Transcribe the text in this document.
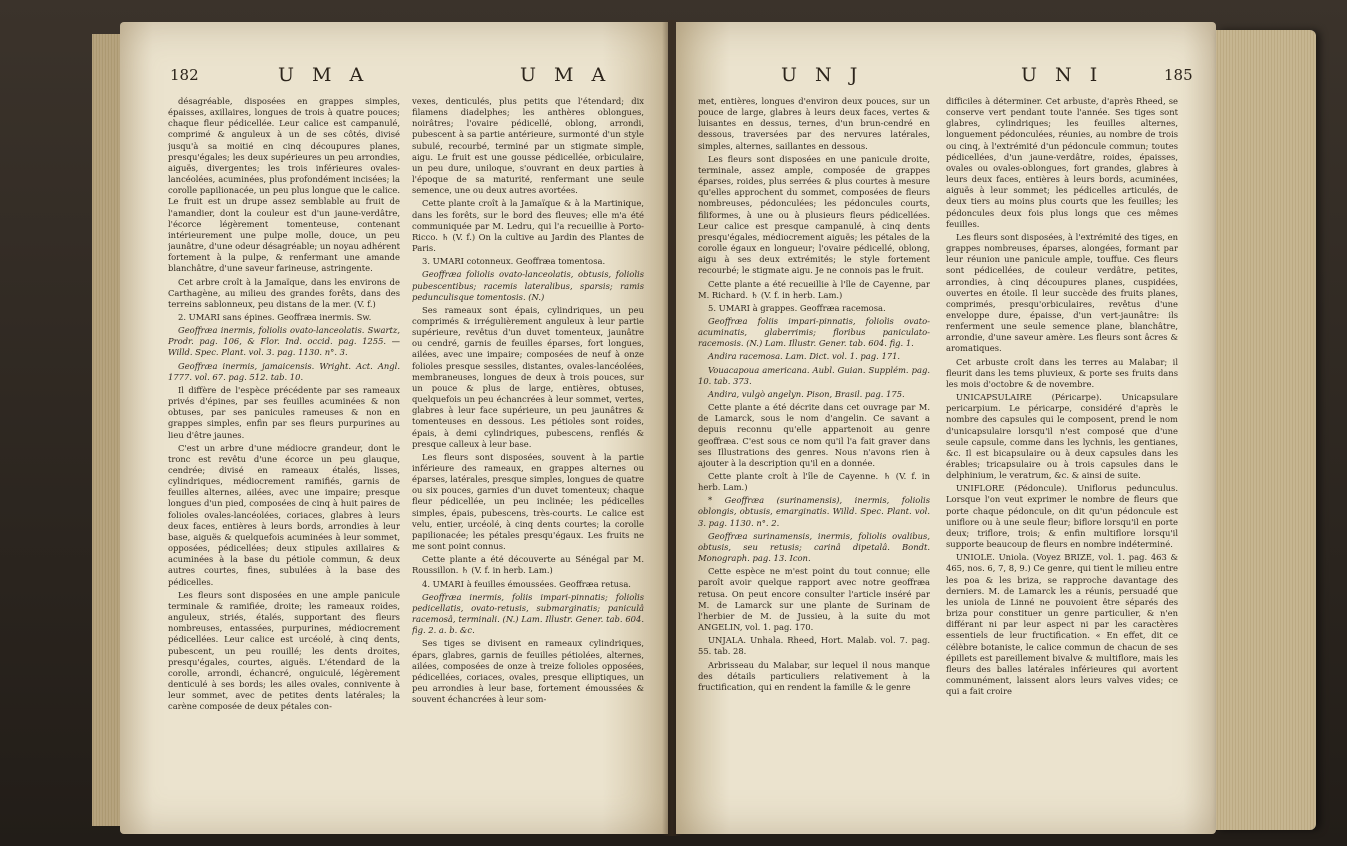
182	U M A	U M A

désagréable, disposées en grappes simples, épaisses, axillaires, longues de trois à quatre pouces; chaque fleur pédicellée. Leur calice est campanulé, comprimé & anguleux à un de ses côtés, divisé jusqu'à sa moitié en cinq découpures planes, presqu'égales; les deux supérieures un peu arrondies, aiguës, divergentes; les trois inférieures ovales-lancéolées, acuminées, plus profondément incisées; la corolle papilionacée, un peu plus longue que le calice. Le fruit est un drupe assez semblable au fruit de l'amandier, dont la couleur est d'un jaune-verdâtre, l'écorce légèrement tomenteuse, contenant intérieurement une pulpe molle, douce, un peu jaunâtre, d'une odeur désagréable; un noyau adhérent fortement à la pulpe, & renfermant une amande blanchâtre, d'une saveur farineuse, astringente.

Cet arbre croît à la Jamaïque, dans les environs de Carthagène, au milieu des grandes forêts, dans des terreins sablonneux, peu distans de la mer. (V. f.)

2. UMARI sans épines. Geoffræa inermis. Sw.

Geoffræa inermis, foliolis ovato-lanceolatis. Swartz, Prodr. pag. 106, & Flor. Ind. occid. pag. 1255. — Willd. Spec. Plant. vol. 3. pag. 1130. n°. 3.

Geoffræa inermis, jamaicensis. Wright. Act. Angl. 1777. vol. 67. pag. 512. tab. 10.

Il diffère de l'espèce précédente par ses rameaux privés d'épines, par ses feuilles acuminées & non obtuses, par ses panicules rameuses & non en grappes simples, enfin par ses fleurs purpurines au lieu d'être jaunes.

C'est un arbre d'une médiocre grandeur, dont le tronc est revêtu d'une écorce un peu glauque, cendrée; divisé en rameaux étalés, lisses, cylindriques, médiocrement ramifiés, garnis de feuilles alternes, ailées, avec une impaire; presque longues d'un pied, composées de cinq à huit paires de folioles ovales-lancéolées, coriaces, glabres à leurs deux faces, entières à leurs bords, arrondies à leur base, aiguës & quelquefois acuminées à leur sommet, opposées, pédicellées; deux stipules axillaires & acuminées à la base du pétiole commun, & deux autres courtes, fines, subulées à la base des pédicelles.

Les fleurs sont disposées en une ample panicule terminale & ramifiée, droite; les rameaux roides, anguleux, striés, étalés, supportant des fleurs nombreuses, entassées, purpurines, médiocrement pédicellées. Leur calice est urcéolé, à cinq dents, pubescent, un peu rouillé; les dents droites, presqu'égales, courtes, aiguës. L'étendard de la corolle, arrondi, échancré, onguiculé, légèrement denticulé à ses bords; les ailes ovales, connivente à leur sommet, avec de petites dents latérales; la carène composée de deux pétales con-

vexes, denticulés, plus petits que l'étendard; dix filamens diadelphes; les anthères oblongues, noirâtres; l'ovaire pédicellé, oblong, arrondi, pubescent à sa partie antérieure, surmonté d'un style subulé, recourbé, terminé par un stigmate simple, aigu. Le fruit est une gousse pédicellée, orbiculaire, un peu dure, uniloque, s'ouvrant en deux parties à l'époque de sa maturité, renfermant une seule semence, une ou deux autres avortées.

Cette plante croît à la Jamaïque & à la Martinique, dans les forêts, sur le bord des fleuves; elle m'a été communiquée par M. Ledru, qui l'a recueillie à Porto-Ricco. ♄ (V. f.) On la cultive au Jardin des Plantes de Paris.

3. UMARI cotonneux. Geoffræa tomentosa.

Geoffræa foliolis ovato-lanceolatis, obtusis, foliolis pubescentibus; racemis lateralibus, sparsis; ramis pedunculisque tomentosis. (N.)

Ses rameaux sont épais, cylindriques, un peu comprimés & irrégulièrement anguleux à leur partie supérieure, revêtus d'un duvet tomenteux, jaunâtre ou cendré, garnis de feuilles éparses, fort longues, ailées, avec une impaire; composées de neuf à onze folioles presque sessiles, distantes, ovales-lancéolées, membraneuses, longues de deux à trois pouces, sur un pouce & plus de large, entières, obtuses, quelquefois un peu échancrées à leur sommet, vertes, glabres à leur face supérieure, un peu jaunâtres & tomenteuses en dessous. Les pétioles sont roides, épais, à demi cylindriques, pubescens, renflés & presque calleux à leur base.

Les fleurs sont disposées, souvent à la partie inférieure des rameaux, en grappes alternes ou éparses, latérales, presque simples, longues de quatre ou six pouces, garnies d'un duvet tomenteux; chaque fleur pédicellée, un peu inclinée; les pédicelles simples, épais, pubescens, très-courts. Le calice est velu, entier, urcéolé, à cinq dents courtes; la corolle papilionacée; les pétales presqu'égaux. Les fruits ne me sont point connus.

Cette plante a été découverte au Sénégal par M. Roussillon. ♄ (V. f. in herb. Lam.)

4. UMARI à feuilles émoussées. Geoffræa retusa.

Geoffræa inermis, foliis impari-pinnatis; foliolis pedicellatis, ovato-retusis, submarginatis; paniculâ racemosâ, terminali. (N.) Lam. Illustr. Gener. tab. 604. fig. 2. a. b. &c.

Ses tiges se divisent en rameaux cylindriques, épars, glabres, garnis de feuilles pétiolées, alternes, ailées, composées de onze à treize folioles opposées, pédicellées, coriaces, ovales, presque elliptiques, un peu arrondies à leur base, fortement émoussées & souvent échancrées à leur som-

U N J	U N I	185

met, entières, longues d'environ deux pouces, sur un pouce de large, glabres à leurs deux faces, vertes & luisantes en dessus, ternes, d'un brun-cendré en dessous, traversées par des nervures latérales, simples, alternes, saillantes en dessous.

Les fleurs sont disposées en une panicule droite, terminale, assez ample, composée de grappes éparses, roides, plus serrées & plus courtes à mesure qu'elles approchent du sommet, composées de fleurs nombreuses, pédonculées; les pédoncules courts, filiformes, à une ou à plusieurs fleurs pédicellées. Leur calice est presque campanulé, à cinq dents presqu'égales, médiocrement aiguës; les pétales de la corolle égaux en longueur; l'ovaire pédicellé, oblong, aigu à ses deux extrémités; le style fortement recourbé; le stigmate aigu. Je ne connois pas le fruit.

Cette plante a été recueillie à l'île de Cayenne, par M. Richard. ♄ (V. f. in herb. Lam.)

5. UMARI à grappes. Geoffræa racemosa.

Geoffræa foliis impari-pinnatis, foliolis ovato-acuminatis, glaberrimis; floribus paniculato-racemosis. (N.) Lam. Illustr. Gener. tab. 604. fig. 1.

Andira racemosa. Lam. Dict. vol. 1. pag. 171.

Vouacapoua americana. Aubl. Guian. Supplém. pag. 10. tab. 373.

Andira, vulgò angelyn. Pison, Brasil. pag. 175.

Cette plante a été décrite dans cet ouvrage par M. de Lamarck, sous le nom d'angelin. Ce savant a depuis reconnu qu'elle appartenoit au genre geoffræa. C'est sous ce nom qu'il l'a fait graver dans ses Illustrations des genres. Nous n'avons rien à ajouter à la description qu'il en a donnée.

Cette plante croît à l'île de Cayenne. ♄ (V. f. in herb. Lam.)

* Geoffræa (surinamensis), inermis, foliolis oblongis, obtusis, emarginatis. Willd. Spec. Plant. vol. 3. pag. 1130. n°. 2.

Geoffræa surinamensis, inermis, foliolis ovalibus, obtusis, seu retusis; carinâ dipetalâ. Bondt. Monograph. pag. 13. Icon.

Cette espèce ne m'est point du tout connue; elle paroît avoir quelque rapport avec notre geoffræa retusa. On peut encore consulter l'article inséré par M. de Lamarck sur une plante de Surinam de l'herbier de M. de Jussieu, à la suite du mot ANGELIN, vol. 1. pag. 170.

UNJALA. Unhala. Rheed, Hort. Malab. vol. 7. pag. 55. tab. 28.

Arbrisseau du Malabar, sur lequel il nous manque des détails particuliers relativement à la fructification, qui en rendent la famille & le genre

difficiles à déterminer. Cet arbuste, d'après Rheed, se conserve vert pendant toute l'année. Ses tiges sont glabres, cylindriques; les feuilles alternes, longuement pédonculées, réunies, au nombre de trois ou cinq, à l'extrémité d'un pédoncule commun; toutes pédicellées, d'un jaune-verdâtre, roides, épaisses, ovales ou ovales-oblongues, fort grandes, glabres à leurs deux faces, entières à leurs bords, acuminées, aiguës à leur sommet; les pédicelles articulés, de deux tiers au moins plus courts que les feuilles; les pédoncules deux fois plus longs que ces mêmes feuilles.

Les fleurs sont disposées, à l'extrémité des tiges, en grappes nombreuses, éparses, alongées, formant par leur réunion une panicule ample, touffue. Ces fleurs sont pédicellées, de couleur verdâtre, petites, arrondies, à cinq découpures planes, cuspidées, ouvertes en étoile. Il leur succède des fruits planes, comprimés, presqu'orbiculaires, revêtus d'une enveloppe dure, épaisse, d'un vert-jaunâtre: ils renferment une seule semence plane, blanchâtre, arrondie, d'une saveur amère. Les fleurs sont âcres & aromatiques.

Cet arbuste croît dans les terres au Malabar; il fleurit dans les tems pluvieux, & porte ses fruits dans les mois d'octobre & de novembre.

UNICAPSULAIRE (Péricarpe). Unicapsulare pericarpium. Le péricarpe, considéré d'après le nombre des capsules qui le composent, prend le nom d'unicapsulaire lorsqu'il n'est composé que d'une seule capsule, comme dans les lychnis, les gentianes, &c. Il est bicapsulaire ou à deux capsules dans les érables; tricapsulaire ou à trois capsules dans le delphinium, le veratrum, &c. & ainsi de suite.

UNIFLORE (Pédoncule). Uniflorus pedunculus. Lorsque l'on veut exprimer le nombre de fleurs que porte chaque pédoncule, on dit qu'un pédoncule est uniflore ou à une seule fleur; biflore lorsqu'il en porte deux; triflore, trois; & enfin multiflore lorsqu'il supporte beaucoup de fleurs en nombre indéterminé.

UNIOLE. Uniola. (Voyez BRIZE, vol. 1. pag. 463 & 465, nos. 6, 7, 8, 9.) Ce genre, qui tient le milieu entre les poa & les briza, se rapproche davantage des derniers. M. de Lamarck les a réunis, persuadé que les uniola de Linné ne pouvoient être séparés des briza pour constituer un genre particulier, & n'en différant ni par leur aspect ni par les caractères essentiels de leur fructification. « En effet, dit ce célèbre botaniste, le calice commun de chacun de ses épillets est pareillement bivalve & multiflore, mais les fleurs des balles latérales inférieures qui avortent communément, laissent alors leurs valves vides; ce qui a fait croire
